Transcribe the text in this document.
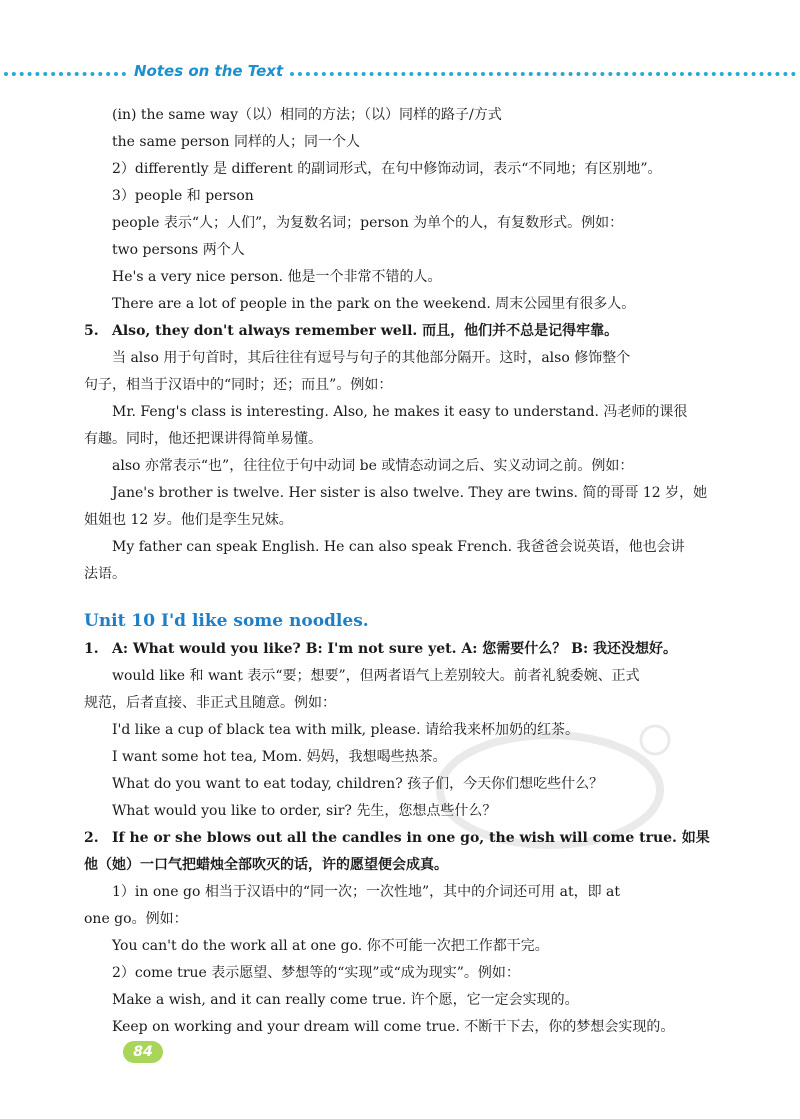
Notes on the Text

(in) the same way（以）相同的方法；（以）同样的路子/方式

the same person 同样的人；同一个人

2）differently 是 different 的副词形式，在句中修饰动词，表示“不同地；有区别地”。

3）people 和 person

people 表示“人；人们”，为复数名词；person 为单个的人，有复数形式。例如：

two persons 两个人

He's a very nice person. 他是一个非常不错的人。

There are a lot of people in the park on the weekend. 周末公园里有很多人。

5. Also, they don't always remember well. 而且，他们并不总是记得牢靠。

当 also 用于句首时，其后往往有逗号与句子的其他部分隔开。这时，also 修饰整个

句子，相当于汉语中的“同时；还；而且”。例如：

Mr. Feng's class is interesting. Also, he makes it easy to understand. 冯老师的课很

有趣。同时，他还把课讲得简单易懂。

also 亦常表示“也”，往往位于句中动词 be 或情态动词之后、实义动词之前。例如：

Jane's brother is twelve. Her sister is also twelve. They are twins. 简的哥哥 12 岁，她

姐姐也 12 岁。他们是孪生兄妹。

My father can speak English. He can also speak French. 我爸爸会说英语，他也会讲

法语。

Unit 10 I'd like some noodles.

1. A: What would you like? B: I'm not sure yet. A: 您需要什么？ B: 我还没想好。

would like 和 want 表示“要；想要”，但两者语气上差别较大。前者礼貌委婉、正式

规范，后者直接、非正式且随意。例如：

I'd like a cup of black tea with milk, please. 请给我来杯加奶的红茶。

I want some hot tea, Mom. 妈妈，我想喝些热茶。

What do you want to eat today, children? 孩子们，今天你们想吃些什么？

What would you like to order, sir? 先生，您想点些什么？

2. If he or she blows out all the candles in one go, the wish will come true. 如果

他（她）一口气把蜡烛全部吹灭的话，许的愿望便会成真。

1）in one go 相当于汉语中的“同一次；一次性地”，其中的介词还可用 at，即 at

one go。例如：

You can't do the work all at one go. 你不可能一次把工作都干完。

2）come true 表示愿望、梦想等的“实现”或“成为现实”。例如：

Make a wish, and it can really come true. 许个愿，它一定会实现的。

Keep on working and your dream will come true. 不断干下去，你的梦想会实现的。

84
